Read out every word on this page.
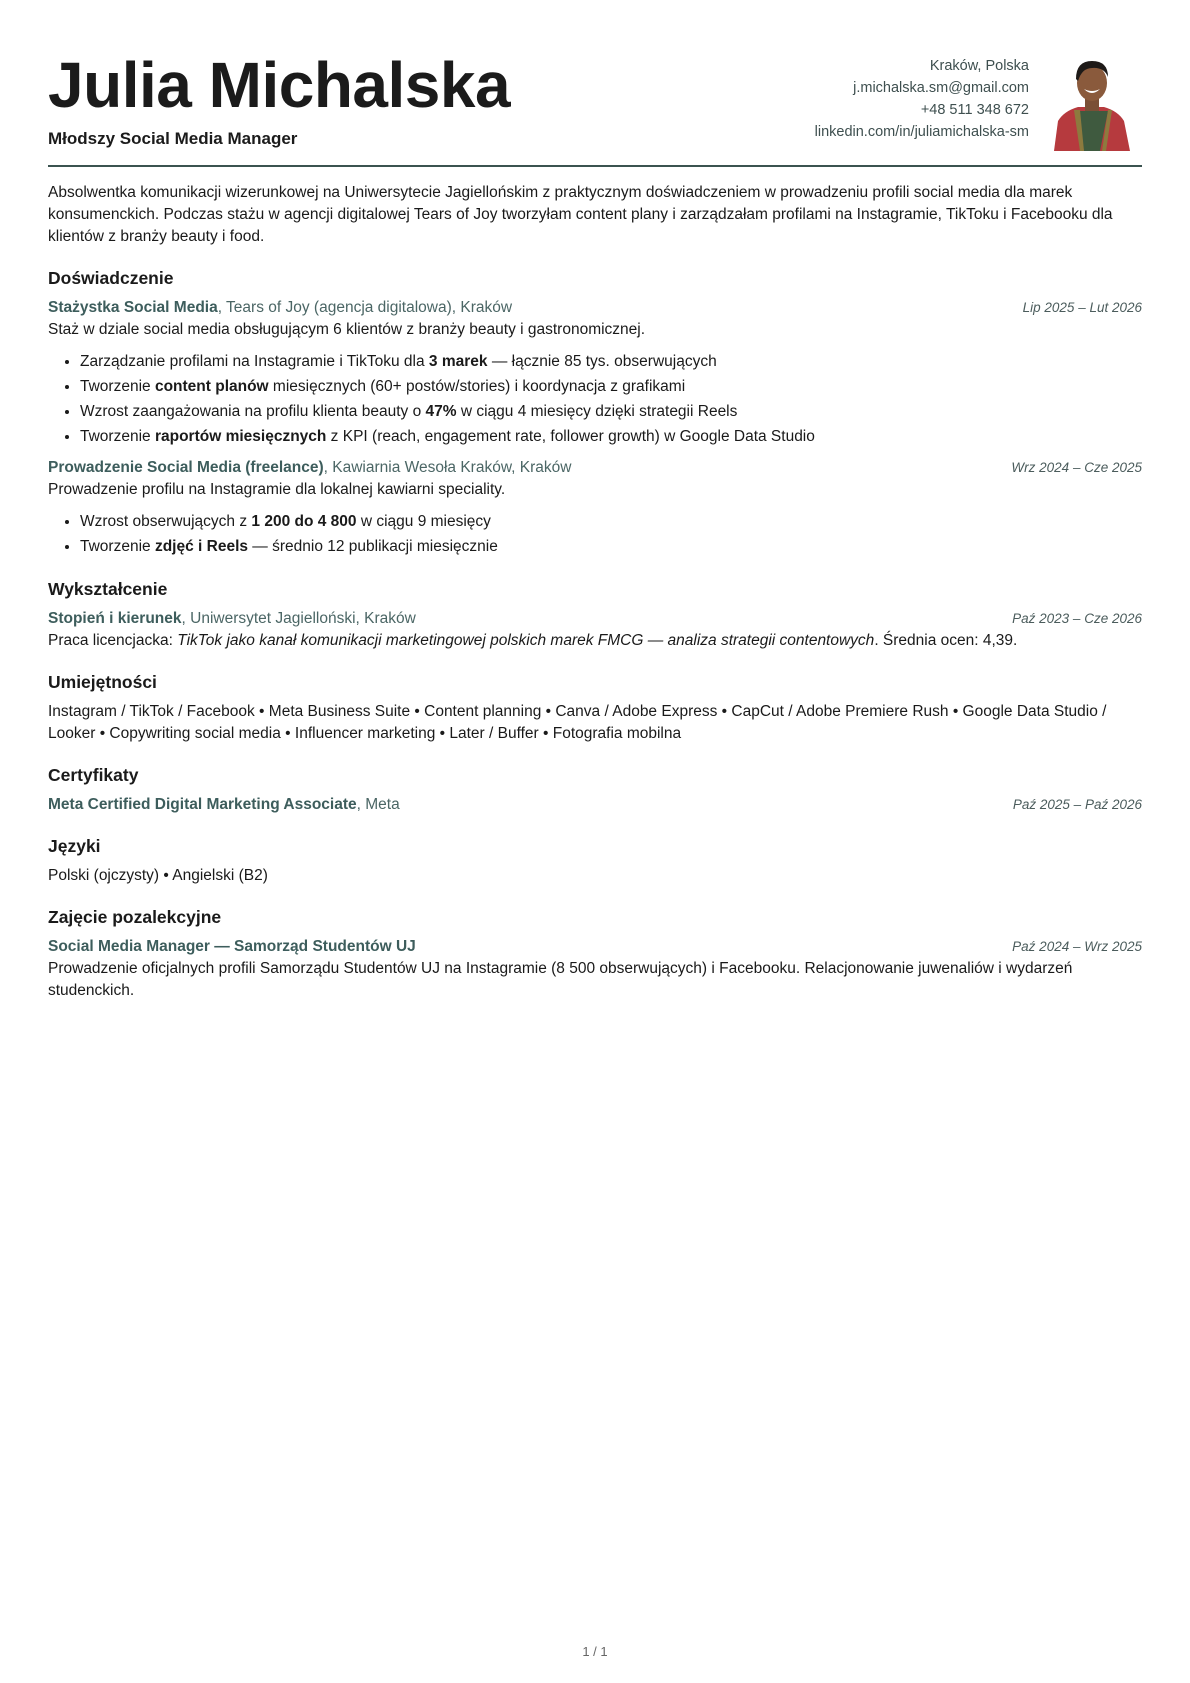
Julia Michalska
Młodszy Social Media Manager
Kraków, Polska
j.michalska.sm@gmail.com
+48 511 348 672
linkedin.com/in/juliamichalska-sm
Absolwentka komunikacji wizerunkowej na Uniwersytecie Jagiellońskim z praktycznym doświadczeniem w prowadzeniu profili social media dla marek konsumenckich. Podczas stażu w agencji digitalowej Tears of Joy tworzyłam content plany i zarządzałam profilami na Instagramie, TikToku i Facebooku dla klientów z branży beauty i food.
Doświadczenie
Stażystka Social Media, Tears of Joy (agencja digitalowa), Kraków	Lip 2025 – Lut 2026
Staż w dziale social media obsługującym 6 klientów z branży beauty i gastronomicznej.
• Zarządzanie profilami na Instagramie i TikToku dla 3 marek — łącznie 85 tys. obserwujących
• Tworzenie content planów miesięcznych (60+ postów/stories) i koordynacja z grafikami
• Wzrost zaangażowania na profilu klienta beauty o 47% w ciągu 4 miesięcy dzięki strategii Reels
• Tworzenie raportów miesięcznych z KPI (reach, engagement rate, follower growth) w Google Data Studio
Prowadzenie Social Media (freelance), Kawiarnia Wesoła Kraków, Kraków	Wrz 2024 – Cze 2025
Prowadzenie profilu na Instagramie dla lokalnej kawiarni speciality.
• Wzrost obserwujących z 1 200 do 4 800 w ciągu 9 miesięcy
• Tworzenie zdjęć i Reels — średnio 12 publikacji miesięcznie
Wykształcenie
Stopień i kierunek, Uniwersytet Jagielloński, Kraków	Paź 2023 – Cze 2026
Praca licencjacka: TikTok jako kanał komunikacji marketingowej polskich marek FMCG — analiza strategii contentowych. Średnia ocen: 4,39.
Umiejętności
Instagram / TikTok / Facebook • Meta Business Suite • Content planning • Canva / Adobe Express • CapCut / Adobe Premiere Rush • Google Data Studio / Looker • Copywriting social media • Influencer marketing • Later / Buffer • Fotografia mobilna
Certyfikaty
Meta Certified Digital Marketing Associate, Meta	Paź 2025 – Paź 2026
Języki
Polski (ojczysty) • Angielski (B2)
Zajęcie pozalekcyjne
Social Media Manager — Samorząd Studentów UJ	Paź 2024 – Wrz 2025
Prowadzenie oficjalnych profili Samorządu Studentów UJ na Instagramie (8 500 obserwujących) i Facebooku. Relacjonowanie juwenaliów i wydarzeń studenckich.
1 / 1
